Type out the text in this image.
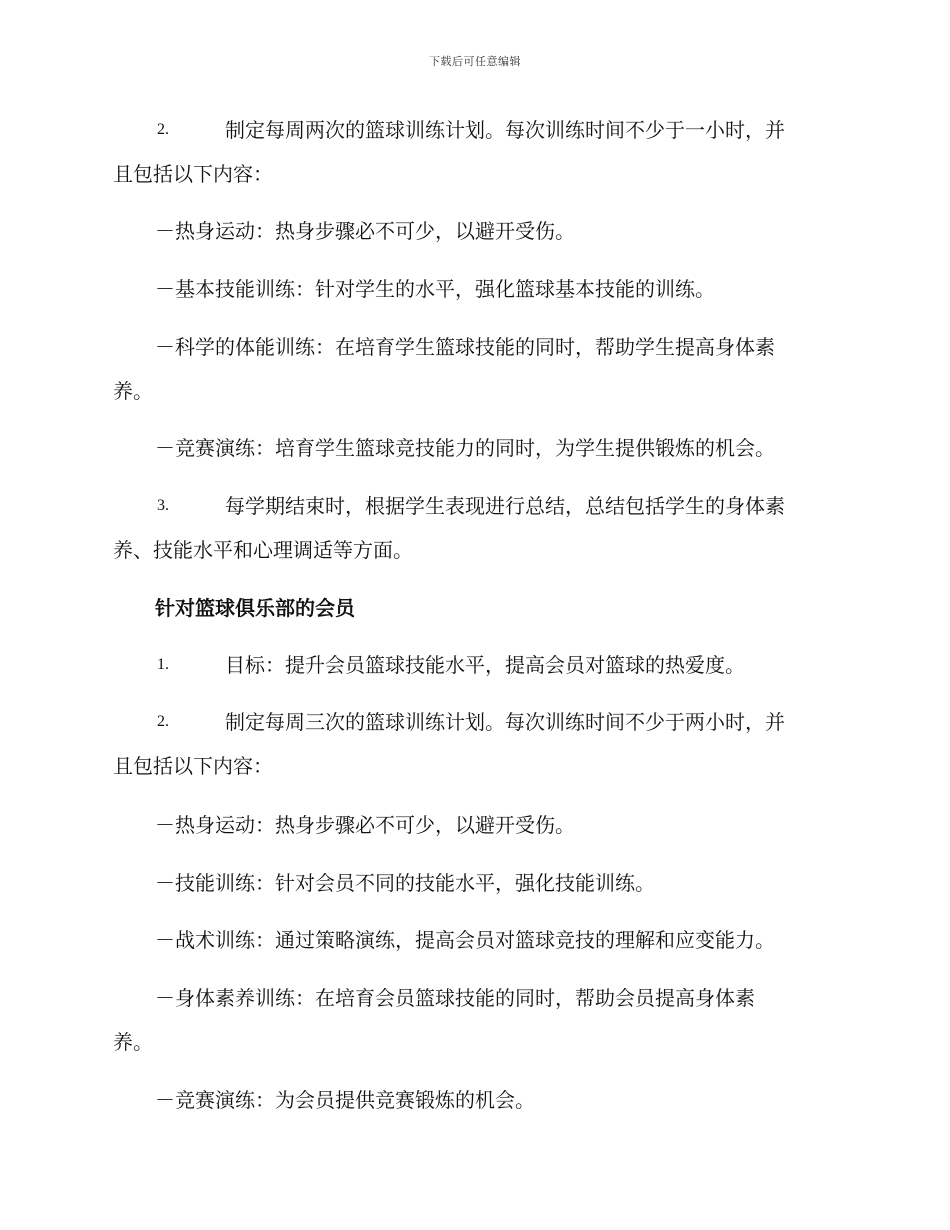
下载后可任意编辑
2.	制定每周两次的篮球训练计划。每次训练时间不少于一小时，并
且包括以下内容：
－热身运动：热身步骤必不可少，以避开受伤。
－基本技能训练：针对学生的水平，强化篮球基本技能的训练。
－科学的体能训练：在培育学生篮球技能的同时，帮助学生提高身体素
养。
－竞赛演练：培育学生篮球竞技能力的同时，为学生提供锻炼的机会。
3.	每学期结束时，根据学生表现进行总结，总结包括学生的身体素
养、技能水平和心理调适等方面。
针对篮球俱乐部的会员
1.	目标：提升会员篮球技能水平，提高会员对篮球的热爱度。
2.	制定每周三次的篮球训练计划。每次训练时间不少于两小时，并
且包括以下内容：
－热身运动：热身步骤必不可少，以避开受伤。
－技能训练：针对会员不同的技能水平，强化技能训练。
－战术训练：通过策略演练，提高会员对篮球竞技的理解和应变能力。
－身体素养训练：在培育会员篮球技能的同时，帮助会员提高身体素
养。
－竞赛演练：为会员提供竞赛锻炼的机会。
